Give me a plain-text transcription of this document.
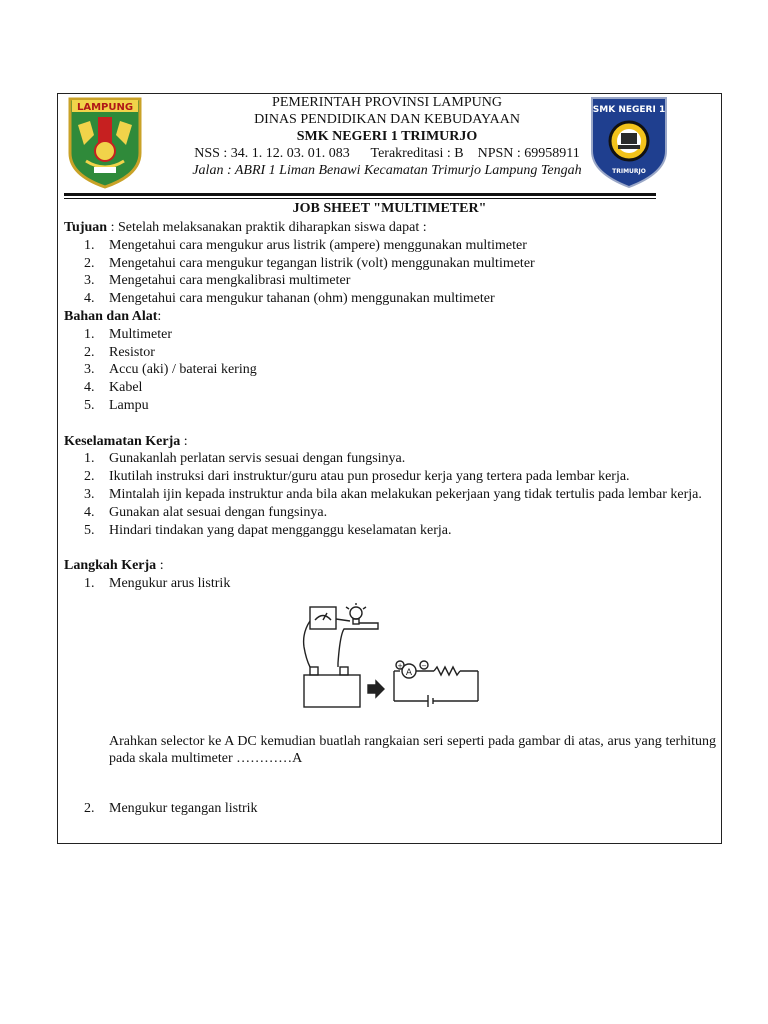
LAMPUNG	SMK NEGERI 1
TRIMURJO
PEMERINTAH PROVINSI LAMPUNG
DINAS PENDIDIKAN DAN KEBUDAYAAN
SMK NEGERI 1 TRIMURJO
NSS : 34. 1. 12. 03. 01. 083      Terakreditasi : B    NPSN : 69958911
Jalan : ABRI 1 Liman Benawi Kecamatan Trimurjo Lampung Tengah
JOB SHEET "MULTIMETER"
Tujuan : Setelah melaksanakan praktik diharapkan siswa dapat :
1. Mengetahui cara mengukur arus listrik (ampere) menggunakan multimeter
2. Mengetahui cara mengukur tegangan listrik (volt) menggunakan multimeter
3. Mengetahui cara mengkalibrasi multimeter
4. Mengetahui cara mengukur tahanan (ohm) menggunakan multimeter
Bahan dan Alat:
1. Multimeter
2. Resistor
3. Accu (aki) / baterai kering
4. Kabel
5. Lampu
Keselamatan Kerja :
1. Gunakanlah perlatan servis sesuai dengan fungsinya.
2. Ikutilah instruksi dari instruktur/guru atau pun prosedur kerja yang tertera pada lembar kerja.
3. Mintalah ijin kepada instruktur anda bila akan melakukan pekerjaan yang tidak tertulis pada lembar kerja.
4. Gunakan alat sesuai dengan fungsinya.
5. Hindari tindakan yang dapat mengganggu keselamatan kerja.
Langkah Kerja :
1. Mengukur arus listrik
A
+	−
Arahkan selector ke A DC kemudian buatlah rangkaian seri seperti pada gambar di atas, arus yang terhitung pada skala multimeter …………A
2. Mengukur tegangan listrik
